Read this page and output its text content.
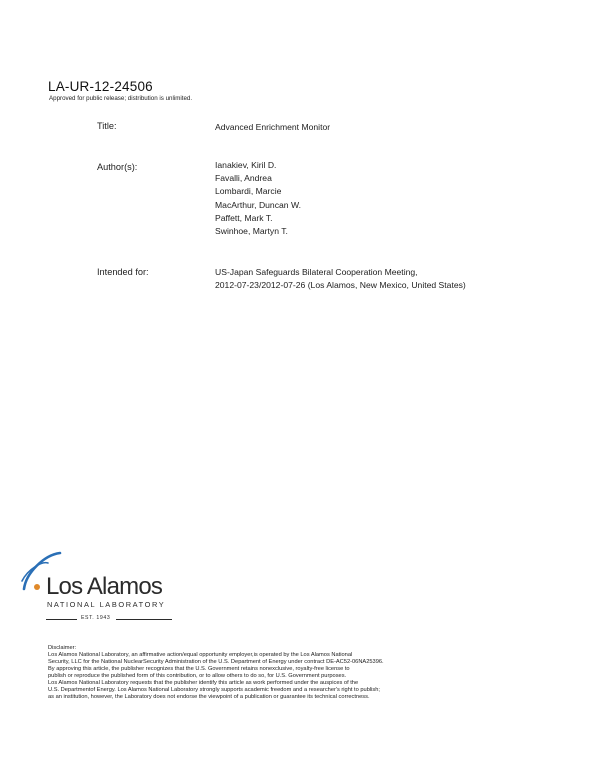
LA-UR-12-24506
Approved for public release; distribution is unlimited.
Title:	Advanced Enrichment Monitor
Author(s):	Ianakiev, Kiril D.
Favalli, Andrea
Lombardi, Marcie
MacArthur, Duncan W.
Paffett, Mark T.
Swinhoe, Martyn T.
Intended for:	US-Japan Safeguards Bilateral Cooperation Meeting,
2012-07-23/2012-07-26 (Los Alamos, New Mexico, United States)
Los Alamos
NATIONAL LABORATORY
EST. 1943
Disclaimer:
Los Alamos National Laboratory, an affirmative action/equal opportunity employer,is operated by the Los Alamos National
Security, LLC for the National NuclearSecurity Administration of the U.S. Department of Energy under contract DE-AC52-06NA25396.
By approving this article, the publisher recognizes that the U.S. Government retains nonexclusive, royalty-free license to
publish or reproduce the published form of this contribution, or to allow others to do so, for U.S. Government purposes.
Los Alamos National Laboratory requests that the publisher identify this article as work performed under the auspices of the
U.S. Departmentof Energy. Los Alamos National Laboratory strongly supports academic freedom and a researcher's right to publish;
as an institution, however, the Laboratory does not endorse the viewpoint of a publication or guarantee its technical correctness.
